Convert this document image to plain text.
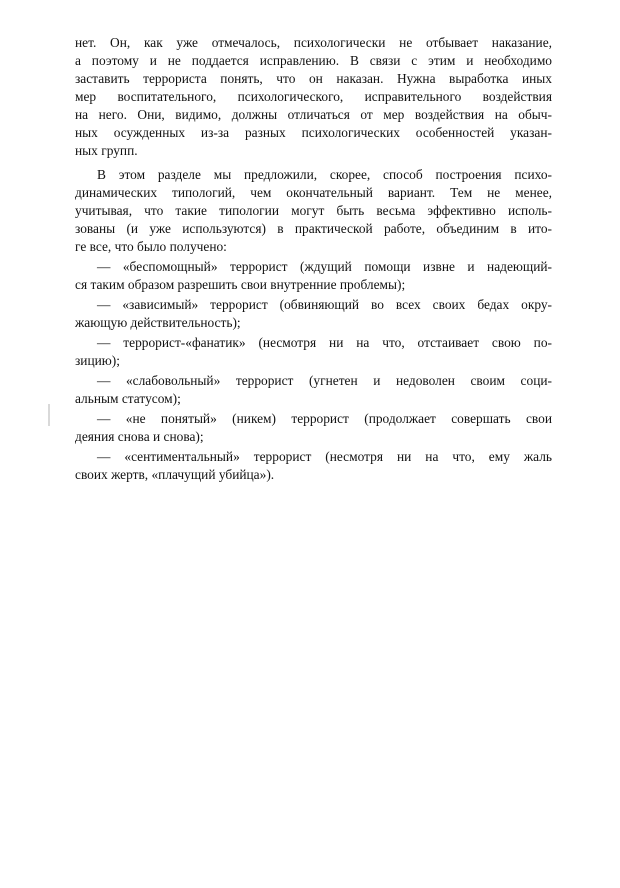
нет. Он, как уже отмечалось, психологически не отбывает наказание,
а поэтому и не поддается исправлению. В связи с этим и необходимо
заставить террориста понять, что он наказан. Нужна выработка иных
мер воспитательного, психологического, исправительного воздействия
на него. Они, видимо, должны отличаться от мер воздействия на обыч-
ных осужденных из-за разных психологических особенностей указан-
ных групп.
В этом разделе мы предложили, скорее, способ построения психо-
динамических типологий, чем окончательный вариант. Тем не менее,
учитывая, что такие типологии могут быть весьма эффективно исполь-
зованы (и уже используются) в практической работе, объединим в ито-
ге все, что было получено:
— «беспомощный» террорист (ждущий помощи извне и надеющий-
ся таким образом разрешить свои внутренние проблемы);
— «зависимый» террорист (обвиняющий во всех своих бедах окру-
жающую действительность);
— террорист-«фанатик» (несмотря ни на что, отстаивает свою по-
зицию);
— «слабовольный» террорист (угнетен и недоволен своим соци-
альным статусом);
— «не понятый» (никем) террорист (продолжает совершать свои
деяния снова и снова);
— «сентиментальный» террорист (несмотря ни на что, ему жаль
своих жертв, «плачущий убийца»).
